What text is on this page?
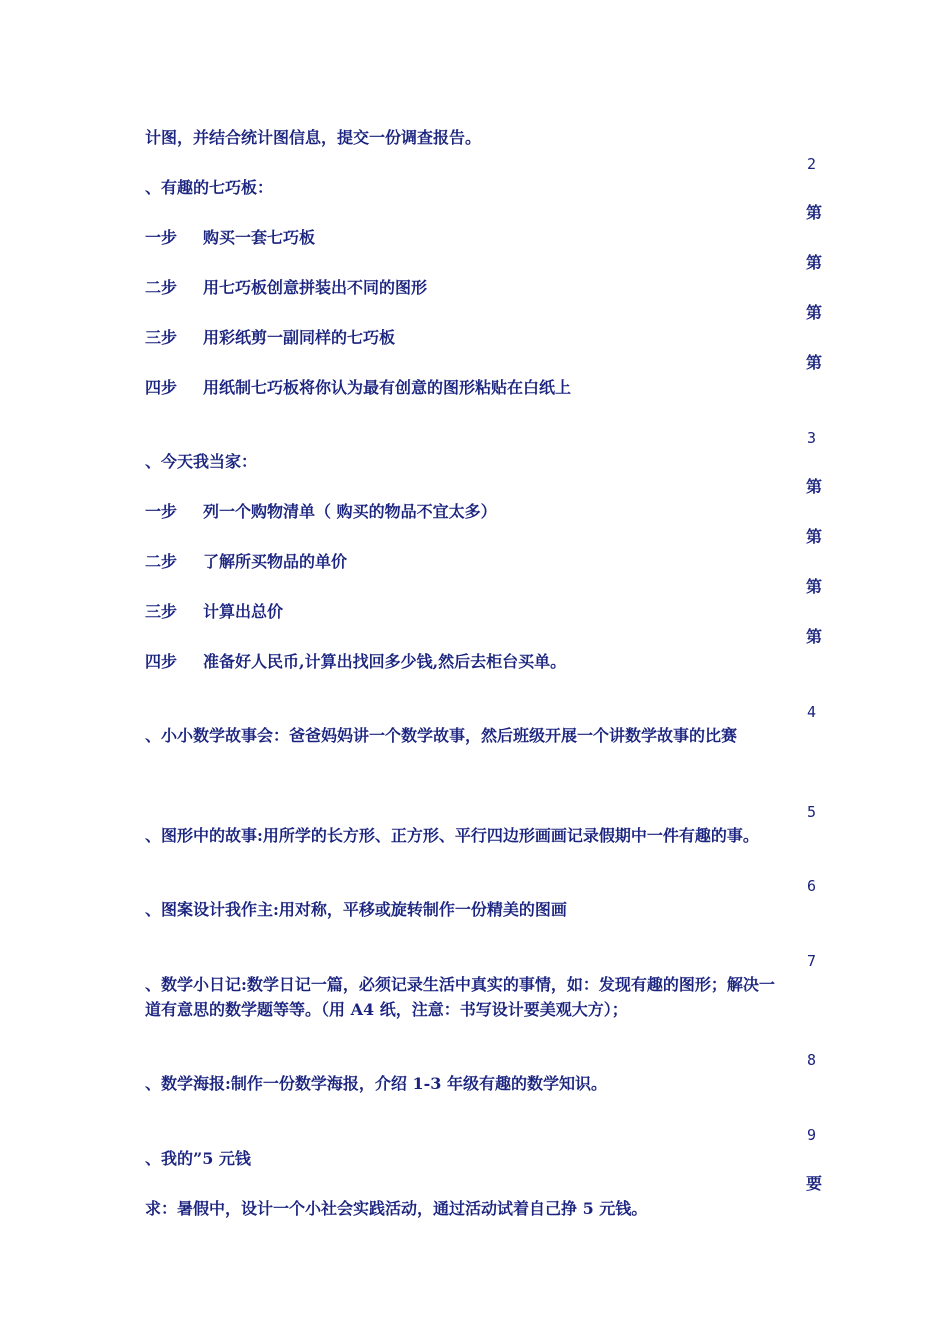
计图，并结合统计图信息，提交一份调查报告。
2
、有趣的七巧板：
第
一步 购买一套七巧板
第
二步 用七巧板创意拼装出不同的图形
第
三步 用彩纸剪一副同样的七巧板
第
四步 用纸制七巧板将你认为最有创意的图形粘贴在白纸上
3
、今天我当家：
第
一步 列一个购物清单（ 购买的物品不宜太多）
第
二步 了解所买物品的单价
第
三步 计算出总价
第
四步 准备好人民币,计算出找回多少钱,然后去柜台买单。
4
、小小数学故事会：爸爸妈妈讲一个数学故事，然后班级开展一个讲数学故事的比赛
5
、图形中的故事:用所学的长方形、正方形、平行四边形画画记录假期中一件有趣的事。
6
、图案设计我作主:用对称，平移或旋转制作一份精美的图画
7
、数学小日记:数学日记一篇，必须记录生活中真实的事情，如：发现有趣的图形；解决一
道有意思的数学题等等。（用 A4 纸，注意：书写设计要美观大方）；
8
、数学海报:制作一份数学海报，介绍 1-3 年级有趣的数学知识。
9
、我的”5 元钱
要
求：暑假中，设计一个小社会实践活动，通过活动试着自己挣 5 元钱。
